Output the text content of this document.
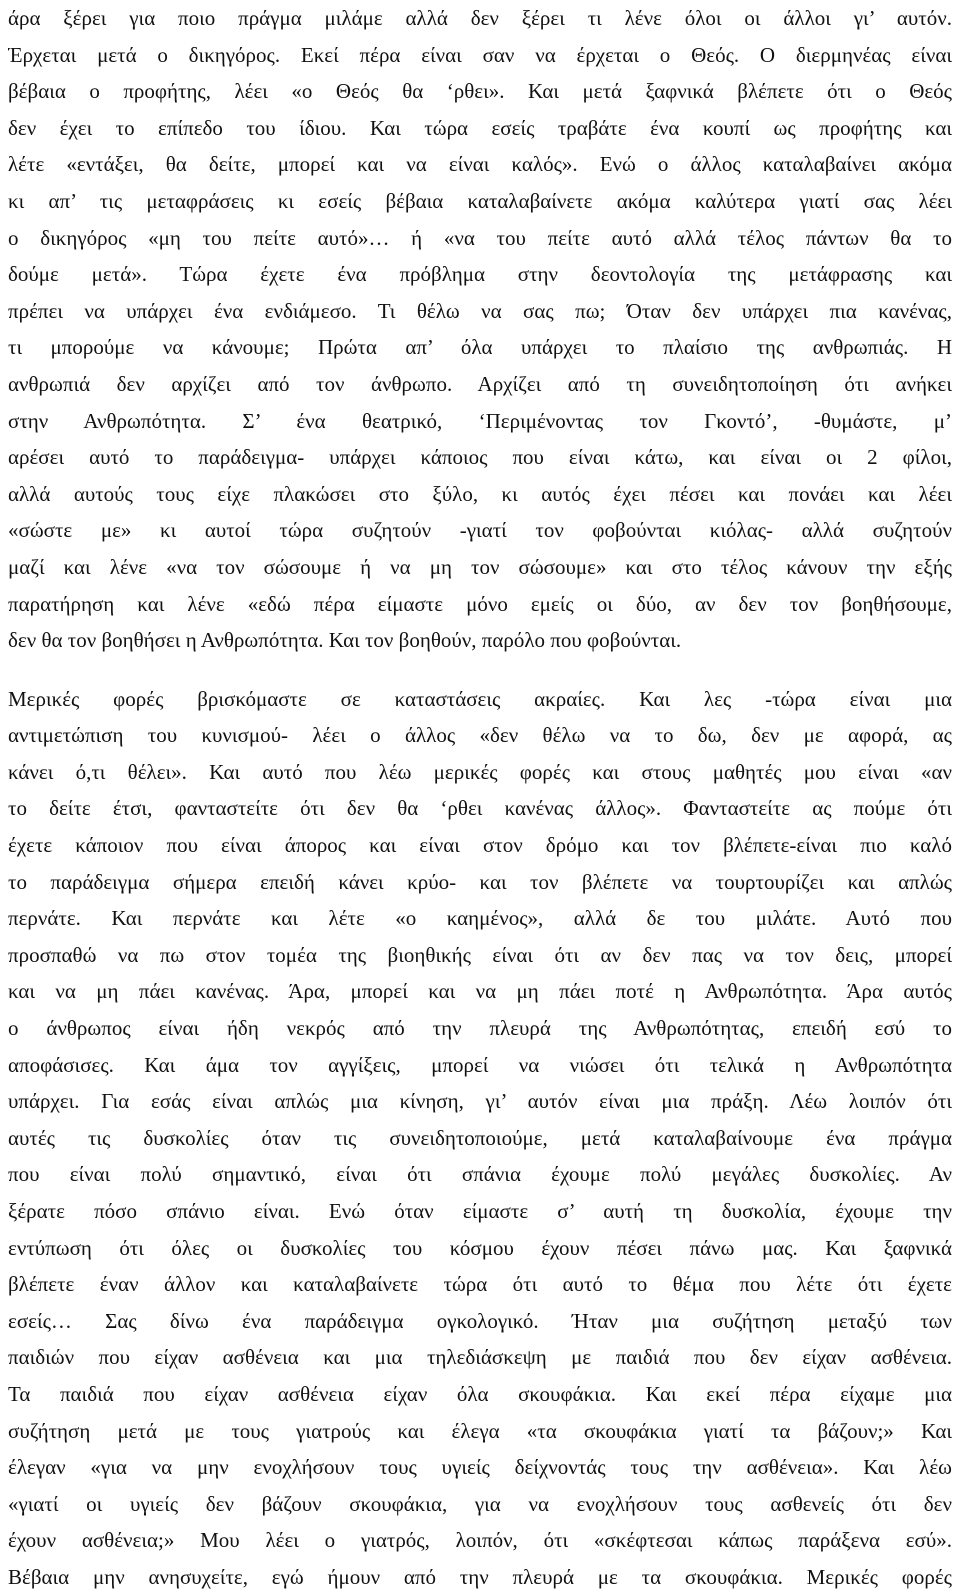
άρα ξέρει για ποιο πράγμα μιλάμε αλλά δεν ξέρει τι λένε όλοι οι άλλοι γι’ αυτόν.
Έρχεται μετά ο δικηγόρος. Εκεί πέρα είναι σαν να έρχεται ο Θεός. Ο διερμηνέας είναι
βέβαια ο προφήτης, λέει «ο Θεός θα ‘ρθει». Και μετά ξαφνικά βλέπετε ότι ο Θεός
δεν έχει το επίπεδο του ίδιου. Και τώρα εσείς τραβάτε ένα κουπί ως προφήτης και
λέτε «εντάξει, θα δείτε, μπορεί και να είναι καλός». Ενώ ο άλλος καταλαβαίνει ακόμα
κι απ’ τις μεταφράσεις κι εσείς βέβαια καταλαβαίνετε ακόμα καλύτερα γιατί σας λέει
ο δικηγόρος «μη του πείτε αυτό»… ή «να του πείτε αυτό αλλά τέλος πάντων θα το
δούμε μετά». Τώρα έχετε ένα πρόβλημα στην δεοντολογία της μετάφρασης και
πρέπει να υπάρχει ένα ενδιάμεσο. Τι θέλω να σας πω; Όταν δεν υπάρχει πια κανένας,
τι μπορούμε να κάνουμε; Πρώτα απ’ όλα υπάρχει το πλαίσιο της ανθρωπιάς. Η
ανθρωπιά δεν αρχίζει από τον άνθρωπο. Αρχίζει από τη συνειδητοποίηση ότι ανήκει
στην Ανθρωπότητα. Σ’ ένα θεατρικό, ‘Περιμένοντας τον Γκοντό’, -θυμάστε, μ’
αρέσει αυτό το παράδειγμα- υπάρχει κάποιος που είναι κάτω, και είναι οι 2 φίλοι,
αλλά αυτούς τους είχε πλακώσει στο ξύλο, κι αυτός έχει πέσει και πονάει και λέει
«σώστε με» κι αυτοί τώρα συζητούν -γιατί τον φοβούνται κιόλας- αλλά συζητούν
μαζί και λένε «να τον σώσουμε ή να μη τον σώσουμε» και στο τέλος κάνουν την εξής
παρατήρηση και λένε «εδώ πέρα είμαστε μόνο εμείς οι δύο, αν δεν τον βοηθήσουμε,
δεν θα τον βοηθήσει η Ανθρωπότητα. Και τον βοηθούν, παρόλο που φοβούνται.
Μερικές φορές βρισκόμαστε σε καταστάσεις ακραίες. Και λες -τώρα είναι μια
αντιμετώπιση του κυνισμού- λέει ο άλλος «δεν θέλω να το δω, δεν με αφορά, ας
κάνει ό,τι θέλει». Και αυτό που λέω μερικές φορές και στους μαθητές μου είναι «αν
το δείτε έτσι, φανταστείτε ότι δεν θα ‘ρθει κανένας άλλος». Φανταστείτε ας πούμε ότι
έχετε κάποιον που είναι άπορος και είναι στον δρόμο και τον βλέπετε-είναι πιο καλό
το παράδειγμα σήμερα επειδή κάνει κρύο- και τον βλέπετε να τουρτουρίζει και απλώς
περνάτε. Και περνάτε και λέτε «ο καημένος», αλλά δε του μιλάτε. Αυτό που
προσπαθώ να πω στον τομέα της βιοηθικής είναι ότι αν δεν πας να τον δεις, μπορεί
και να μη πάει κανένας. Άρα, μπορεί και να μη πάει ποτέ η Ανθρωπότητα. Άρα αυτός
ο άνθρωπος είναι ήδη νεκρός από την πλευρά της Ανθρωπότητας, επειδή εσύ το
αποφάσισες. Και άμα τον αγγίξεις, μπορεί να νιώσει ότι τελικά η Ανθρωπότητα
υπάρχει. Για εσάς είναι απλώς μια κίνηση, γι’ αυτόν είναι μια πράξη. Λέω λοιπόν ότι
αυτές τις δυσκολίες όταν τις συνειδητοποιούμε, μετά καταλαβαίνουμε ένα πράγμα
που είναι πολύ σημαντικό, είναι ότι σπάνια έχουμε πολύ μεγάλες δυσκολίες. Αν
ξέρατε πόσο σπάνιο είναι. Ενώ όταν είμαστε σ’ αυτή τη δυσκολία, έχουμε την
εντύπωση ότι όλες οι δυσκολίες του κόσμου έχουν πέσει πάνω μας. Και ξαφνικά
βλέπετε έναν άλλον και καταλαβαίνετε τώρα ότι αυτό το θέμα που λέτε ότι έχετε
εσείς… Σας δίνω ένα παράδειγμα ογκολογικό. Ήταν μια συζήτηση μεταξύ των
παιδιών που είχαν ασθένεια και μια τηλεδιάσκεψη με παιδιά που δεν είχαν ασθένεια.
Τα παιδιά που είχαν ασθένεια είχαν όλα σκουφάκια. Και εκεί πέρα είχαμε μια
συζήτηση μετά με τους γιατρούς και έλεγα «τα σκουφάκια γιατί τα βάζουν;» Και
έλεγαν «για να μην ενοχλήσουν τους υγιείς δείχνοντάς τους την ασθένεια». Και λέω
«γιατί οι υγιείς δεν βάζουν σκουφάκια, για να ενοχλήσουν τους ασθενείς ότι δεν
έχουν ασθένεια;» Μου λέει ο γιατρός, λοιπόν, ότι «σκέφτεσαι κάπως παράξενα εσύ».
Βέβαια μην ανησυχείτε, εγώ ήμουν από την πλευρά με τα σκουφάκια. Μερικές φορές
